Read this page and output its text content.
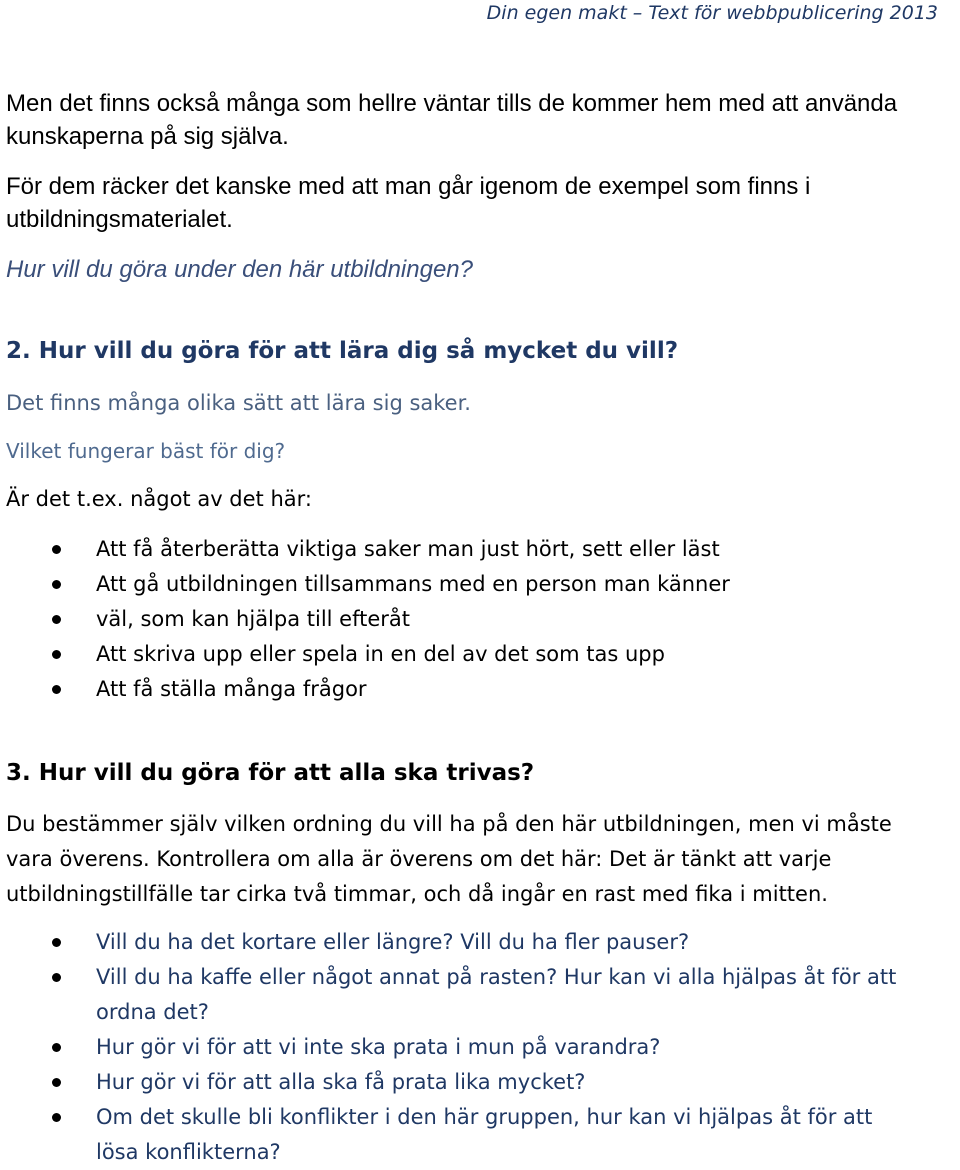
Din egen makt – Text för webbpublicering 2013

Men det finns också många som hellre väntar tills de kommer hem med att använda
kunskaperna på sig själva.

För dem räcker det kanske med att man går igenom de exempel som finns i
utbildningsmaterialet.

Hur vill du göra under den här utbildningen?

2. Hur vill du göra för att lära dig så mycket du vill?

Det finns många olika sätt att lära sig saker.

Vilket fungerar bäst för dig?

Är det t.ex. något av det här:

Att få återberätta viktiga saker man just hört, sett eller läst
Att gå utbildningen tillsammans med en person man känner
väl, som kan hjälpa till efteråt
Att skriva upp eller spela in en del av det som tas upp
Att få ställa många frågor

3. Hur vill du göra för att alla ska trivas?

Du bestämmer själv vilken ordning du vill ha på den här utbildningen, men vi måste
vara överens. Kontrollera om alla är överens om det här: Det är tänkt att varje
utbildningstillfälle tar cirka två timmar, och då ingår en rast med fika i mitten.

Vill du ha det kortare eller längre? Vill du ha fler pauser?
Vill du ha kaffe eller något annat på rasten? Hur kan vi alla hjälpas åt för att
ordna det?
Hur gör vi för att vi inte ska prata i mun på varandra?
Hur gör vi för att alla ska få prata lika mycket?
Om det skulle bli konflikter i den här gruppen, hur kan vi hjälpas åt för att
lösa konflikterna?
